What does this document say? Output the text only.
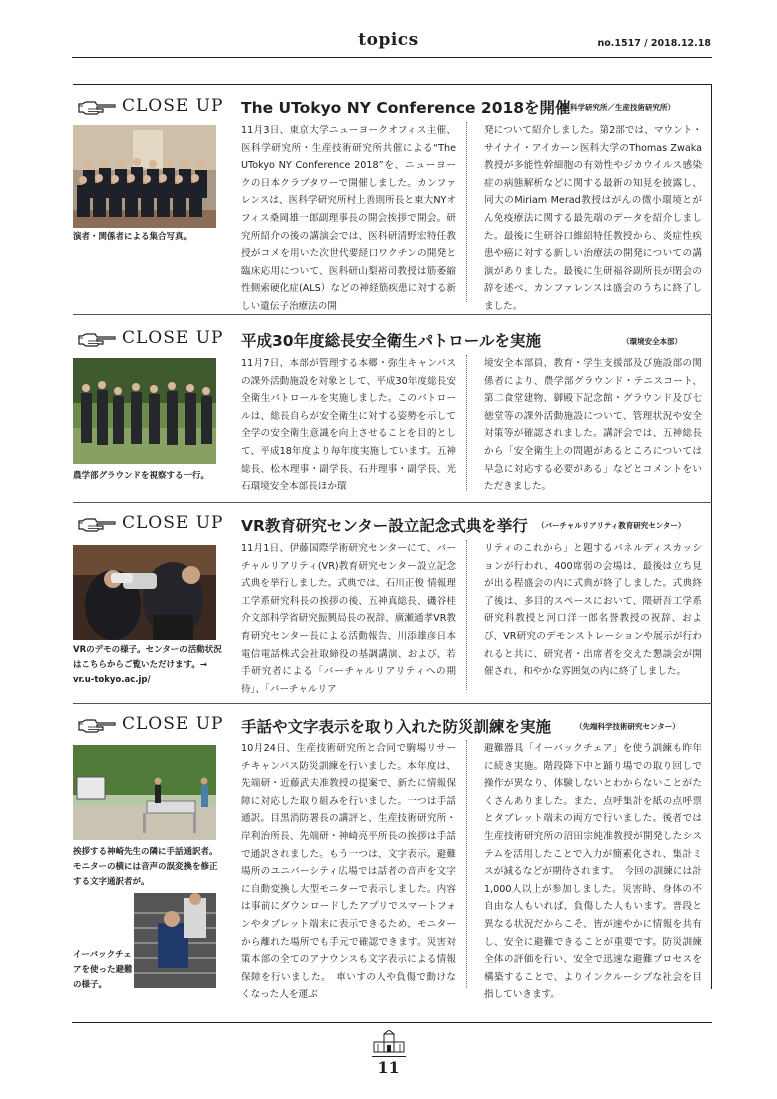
topics	no.1517 / 2018.12.18
CLOSE UP The UTokyo NY Conference 2018を開催
（医科学研究所／生産技術研究所）
演者・関係者による集合写真。
11月3日、東京大学ニューヨークオフィス主催、医科学研究所・生産技術研究所共催による“The UTokyo NY Conference 2018”を、ニューヨークの日本クラブタワーで開催しました。カンファレンスは、医科学研究所村上善則所長と東大NYオフィス桑岡雄一郎副理事長の開会挨拶で開会。研究所紹介の後の講演会では、医科研清野宏特任教授がコメを用いた次世代要経口ワクチンの開発と臨床応用について、医科研山梨裕司教授は筋萎縮性側索硬化症(ALS）などの神経筋疾患に対する新しい遺伝子治療法の開
発について紹介しました。第2部では、マウント・サイナイ・アイカーン医科大学のThomas Zwaka教授が多能性幹細胞の有効性やジカウイルス感染症の病態解析などに関する最新の知見を披露し、同大のMiriam Merad教授はがんの微小環境とがん免疫療法に関する最先端のデータを紹介しました。最後に生研谷口維紹特任教授から、炎症性疾患や癌に対する新しい治療法の開発についての講演がありました。最後に生研福谷副所長が閉会の辞を述べ、カンファレンスは盛会のうちに終了しました。
CLOSE UP 平成30年度総長安全衛生パトロールを実施	（環境安全本部）
農学部グラウンドを視察する一行。
11月7日、本部が管理する本郷・弥生キャンパスの課外活動施設を対象として、平成30年度総長安全衛生パトロールを実施しました。このパトロールは、総長自らが安全衛生に対する姿勢を示して全学の安全衛生意識を向上させることを目的として、平成18年度より毎年度実施しています。五神総長、松木理事・副学長、石井理事・副学長、光石環境安全本部長ほか環
境安全本部員、教育・学生支援部及び施設部の関係者により、農学部グラウンド・テニスコート、第二食堂建物、御殿下記念館・グラウンド及び七徳堂等の課外活動施設について、管理状況や安全対策等が確認されました。講評会では、五神総長から「安全衛生上の問題があるところについては早急に対応する必要がある」などとコメントをいただきました。
CLOSE UP VR教育研究センター設立記念式典を挙行 （バーチャルリアリティ教育研究センター）
VRのデモの様子。センターの活動状況はこちらからご覧いただけます。→ vr.u-tokyo.ac.jp/
11月1日、伊藤国際学術研究センターにて、バーチャルリアリティ(VR)教育研究センター設立記念式典を挙行しました。式典では、石川正俊 情報理工学系研究科長の挨拶の後、五神真総長、磯谷桂介文部科学省研究振興局長の祝辞、廣瀬通孝VR教育研究センター長による活動報告、川添雄彦日本電信電話株式会社取締役の基調講演、および、若手研究者による「バーチャルリアリティへの期待」、「バーチャルリア
リティのこれから」と題するパネルディスカッションが行われ、400席弱の会場は、最後は立ち見が出る程盛会の内に式典が終了しました。式典終了後は、多目的スペースにおいて、隈研吾工学系研究科教授と河口洋一郎名誉教授の祝辞、および、VR研究のデモンストレーションや展示が行われると共に、研究者・出席者を交えた懇談会が開催され、和やかな雰囲気の内に終了しました。
CLOSE UP 手話や文字表示を取り入れた防災訓練を実施	（先端科学技術研究センター）
挨拶する神崎先生の隣に手話通訳者。モニターの横には音声の誤変換を修正する文字通訳者が。
イーバックチェアを使った避難の様子。
10月24日、生産技術研究所と合同で駒場リサーチキャンパス防災訓練を行いました。本年度は、先端研・近藤武夫准教授の提案で、新たに情報保障に対応した取り組みを行いました。一つは手話通訳。目黒消防署長の講評と、生産技術研究所・岸利治所長、先端研・神崎亮平所長の挨拶は手話で通訳されました。もう一つは、文字表示。避難場所のユニバーシティ広場では話者の音声を文字に自動変換し大型モニターで表示しました。内容は事前にダウンロードしたアプリでスマートフォンやタブレット端末に表示できるため、モニターから離れた場所でも手元で確認できます。災害対策本部の全てのアナウンスも文字表示による情報保障を行いました。　車いすの人や負傷で動けなくなった人を運ぶ
避難器具「イーバックチェア」を使う訓練も昨年に続き実施。階段降下中と踊り場での取り回しで操作が異なり、体験しないとわからないことがたくさんありました。また、点呼集計を紙の点呼票とタブレット端末の両方で行いました。後者では生産技術研究所の沼田宗純准教授が開発したシステムを活用したことで入力が簡素化され、集計ミスが減るなどが期待されます。　今回の訓練には計1,000人以上が参加しました。災害時、身体の不自由な人もいれば、負傷した人もいます。普段と異なる状況だからこそ、皆が速やかに情報を共有し、安全に避難できることが重要です。防災訓練全体の評価を行い、安全で迅速な避難プロセスを構築することで、よりインクルーシブな社会を目指していきます。
11
